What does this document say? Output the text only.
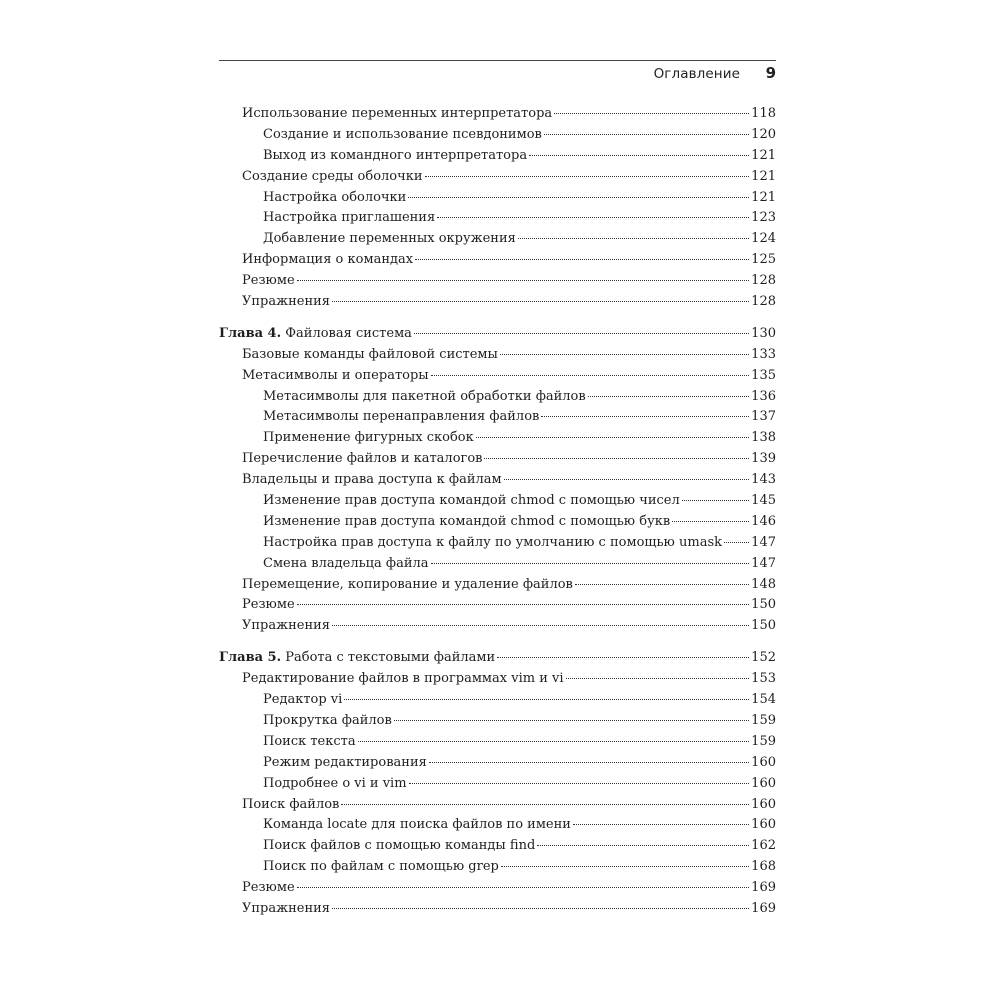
Оглавление 9
Использование переменных интерпретатора	118
Создание и использование псевдонимов	120
Выход из командного интерпретатора	121
Создание среды оболочки	121
Настройка оболочки	121
Настройка приглашения	123
Добавление переменных окружения	124
Информация о командах	125
Резюме	128
Упражнения	128
Глава 4. Файловая система	130
Базовые команды файловой системы	133
Метасимволы и операторы	135
Метасимволы для пакетной обработки файлов	136
Метасимволы перенаправления файлов	137
Применение фигурных скобок	138
Перечисление файлов и каталогов	139
Владельцы и права доступа к файлам	143
Изменение прав доступа командой chmod с помощью чисел	145
Изменение прав доступа командой chmod с помощью букв	146
Настройка прав доступа к файлу по умолчанию с помощью umask 147
Смена владельца файла	147
Перемещение, копирование и удаление файлов	148
Резюме	150
Упражнения	150
Глава 5. Работа с текстовыми файлами	152
Редактирование файлов в программах vim и vi	153
Редактор vi	154
Прокрутка файлов	159
Поиск текста	159
Режим редактирования	160
Подробнее о vi и vim	160
Поиск файлов	160
Команда locate для поиска файлов по имени	160
Поиск файлов с помощью команды find	162
Поиск по файлам с помощью grep	168
Резюме	169
Упражнения	169
